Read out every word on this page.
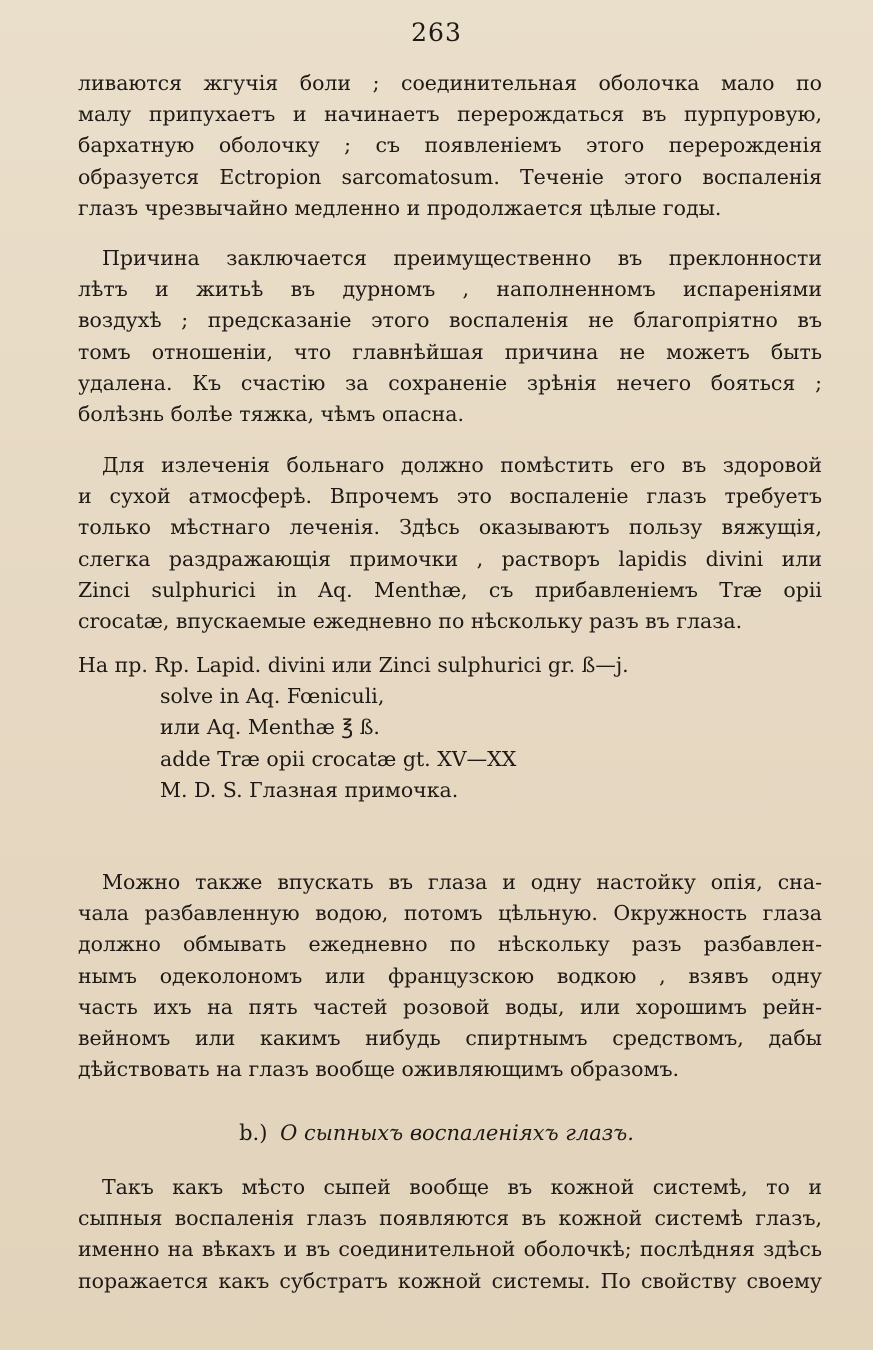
263

ливаются жгучія боли ; соединительная оболочка мало по

малу припухаетъ и начинаетъ перерождаться въ пурпуровую,

бархатную оболочку ; съ появленіемъ этого перерожденія

образуется Ectropion sarcomatosum. Теченіе этого воспаленія

глазъ чрезвычайно медленно и продолжается цѣлые годы.

Причина заключается преимущественно въ преклонности

лѣтъ и житьѣ въ дурномъ , наполненномъ испареніями

воздухѣ ; предсказаніе этого воспаленія не благопріятно въ

томъ отношеніи, что главнѣйшая причина не можетъ быть

удалена. Къ счастію за сохраненіе зрѣнія нечего бояться ;

болѣзнь болѣе тяжка, чѣмъ опасна.

Для излеченія больнаго должно помѣстить его въ здоровой

и сухой атмосферѣ. Впрочемъ это воспаленіе глазъ требуетъ

только мѣстнаго леченія. Здѣсь оказываютъ пользу вяжущія,

слегка раздражающія примочки , растворъ lapidis divini или

Zinci sulphurici in Aq. Menthæ, съ прибавленіемъ Træ opii

crocatæ, впускаемые ежедневно по нѣскольку разъ въ глаза.

На пр. Rp. Lapid. divini или Zinci sulphurici gr. ß—j.

solve in Aq. Fœniculi,

или Aq. Menthæ ℥ ß.

adde Træ opii crocatæ gt. XV—XX

M. D. S. Глазная примочка.

Можно также впускать въ глаза и одну настойку опія, сна-

чала разбавленную водою, потомъ цѣльную. Окружность глаза

должно обмывать ежедневно по нѣскольку разъ разбавлен-

нымъ одеколономъ или французскою водкою , взявъ одну

часть ихъ на пять частей розовой воды, или хорошимъ рейн-

вейномъ или какимъ нибудь спиртнымъ средствомъ, дабы

дѣйствовать на глазъ вообще оживляющимъ образомъ.

b.) О сыпныхъ воспаленіяхъ глазъ.

Такъ какъ мѣсто сыпей вообще въ кожной системѣ, то и

сыпныя воспаленія глазъ появляются въ кожной системѣ глазъ,

именно на вѣкахъ и въ соединительной оболочкѣ; послѣдняя здѣсь

поражается какъ субстратъ кожной системы. По свойству своему
